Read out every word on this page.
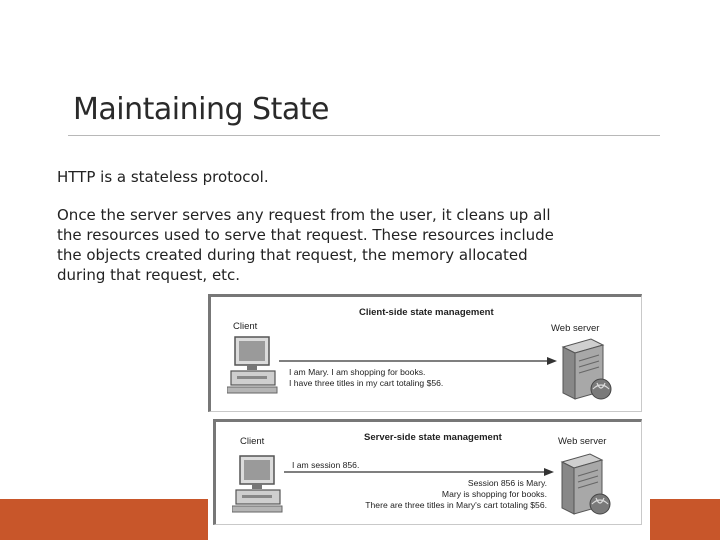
Maintaining State
HTTP is a stateless protocol.
Once the server serves any request from the user, it cleans up all the resources used to serve that request. These resources include the objects created during that request, the memory allocated during that request, etc.
Client
Client-side state management
Web server
I am Mary. I am shopping for books.
I have three titles in my cart totaling $56.
Client	Server-side state management	Web server
I am session 856.
Session 856 is Mary.
Mary is shopping for books.
There are three titles in Mary's cart totaling $56.
